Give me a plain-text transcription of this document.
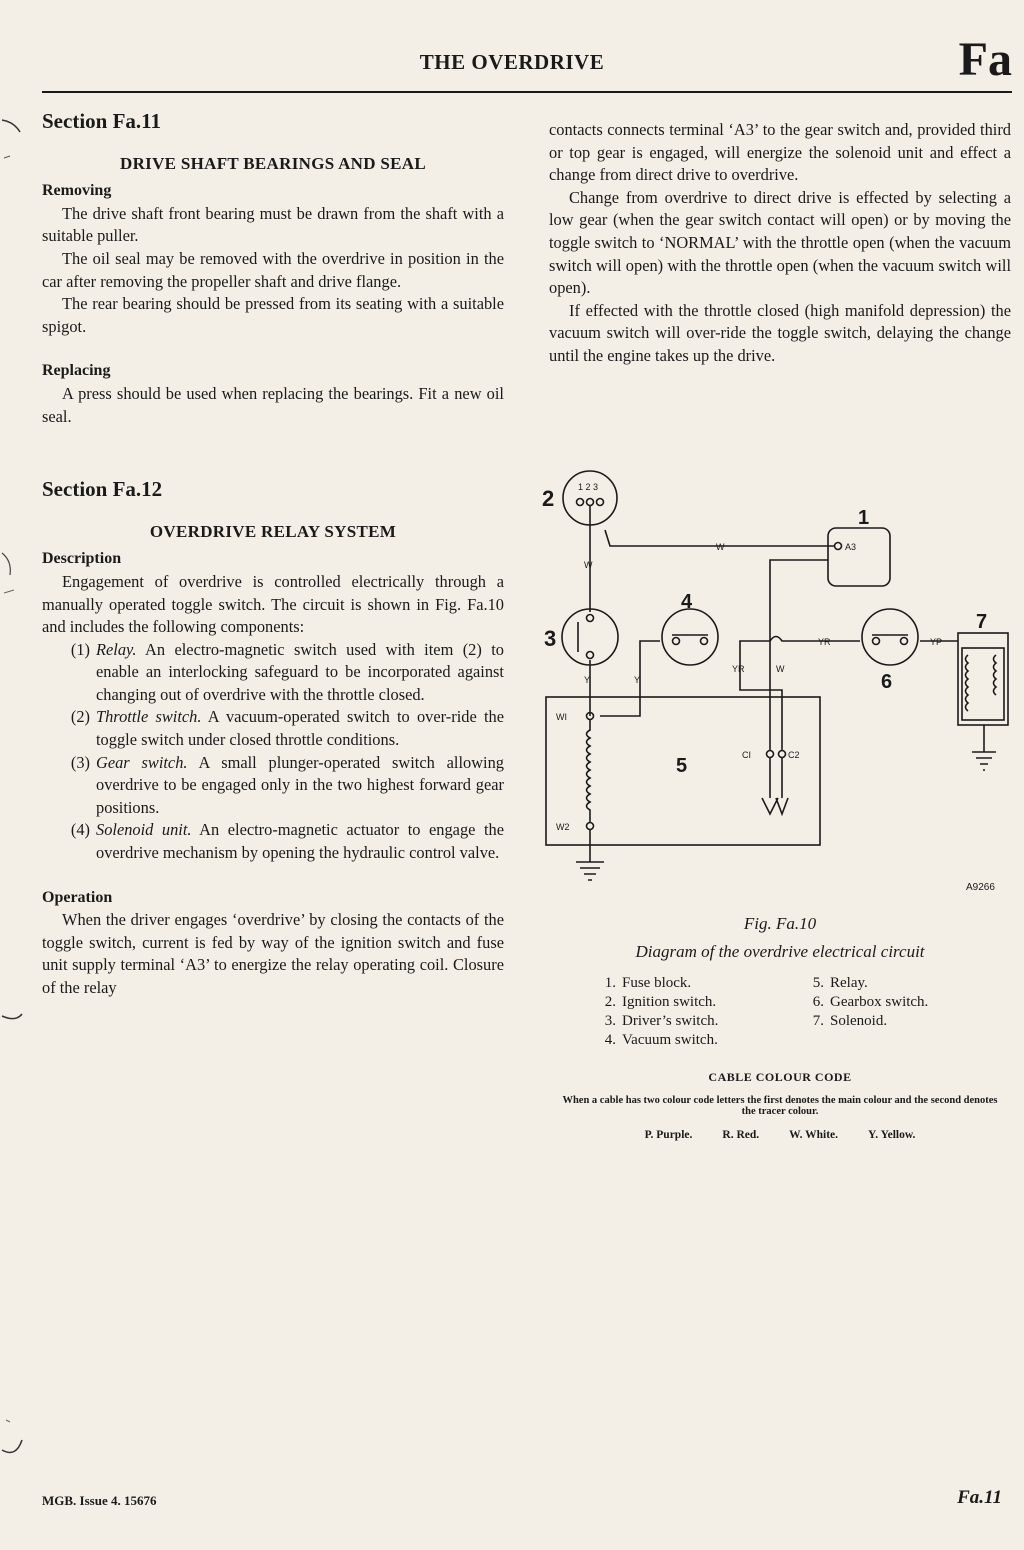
THE OVERDRIVE	Fa
Section Fa.11
DRIVE SHAFT BEARINGS AND SEAL
Removing

The drive shaft front bearing must be drawn from the shaft with a suitable puller.

The oil seal may be removed with the overdrive in position in the car after removing the propeller shaft and drive flange.

The rear bearing should be pressed from its seating with a suitable spigot.

Replacing

A press should be used when replacing the bearings. Fit a new oil seal.

Section Fa.12
OVERDRIVE RELAY SYSTEM
Description

Engagement of overdrive is controlled electrically through a manually operated toggle switch. The circuit is shown in Fig. Fa.10 and includes the following components:

(1) Relay. An electro-magnetic switch used with item (2) to enable an interlocking safeguard to be incorporated against changing out of overdrive with the throttle closed.
(2) Throttle switch. A vacuum-operated switch to over-ride the toggle switch under closed throttle conditions.
(3) Gear switch. A small plunger-operated switch allowing overdrive to be engaged only in the two highest forward gear positions.
(4) Solenoid unit. An electro-magnetic actuator to engage the overdrive mechanism by opening the hydraulic control valve.
Operation

When the driver engages ‘overdrive’ by closing the contacts of the toggle switch, current is fed by way of the ignition switch and fuse unit supply terminal ‘A3’ to energize the relay operating coil. Closure of the relay

contacts connects terminal ‘A3’ to the gear switch and, provided third or top gear is engaged, will energize the solenoid unit and effect a change from direct drive to overdrive.

Change from overdrive to direct drive is effected by selecting a low gear (when the gear switch contact will open) or by moving the toggle switch to ‘NORMAL’ with the throttle open (when the vacuum switch will open) with the throttle open (when the vacuum switch will open).

If effected with the throttle closed (high manifold depression) the vacuum switch will over-ride the toggle switch, delaying the change until the engine takes up the drive.

2	1 2 3
W
W
1
A3
3
Y
4
Y
YR	W
YR
6
YP
7
5
WI
W2
CI	C2
A9266
Fig. Fa.10
Diagram of the overdrive electrical circuit
1. Fuse block.
2. Ignition switch.
3. Driver’s switch.
4. Vacuum switch.
5. Relay.
6. Gearbox switch.
7. Solenoid.
CABLE COLOUR CODE
When a cable has two colour code letters the first denotes the main colour and the second denotes the tracer colour.
P. Purple.	R. Red.	W. White.	Y. Yellow.
MGB. Issue 4. 15676	Fa.11
